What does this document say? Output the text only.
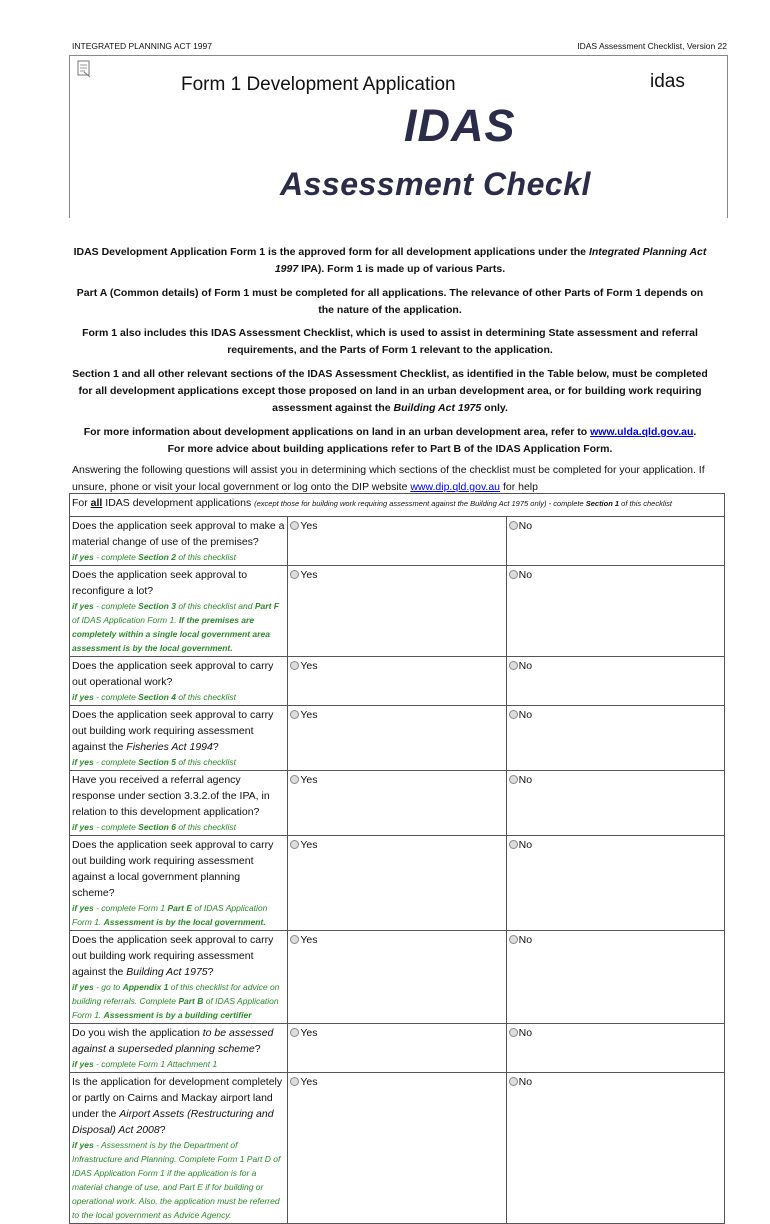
INTEGRATED PLANNING ACT 1997	IDAS Assessment Checklist, Version 22
Form 1 Development Application	idas
IDAS
Assessment Checkl
IDAS Development Application Form 1 is the approved form for all development applications under the Integrated Planning Act 1997 IPA). Form 1 is made up of various Parts.
Part A (Common details) of Form 1 must be completed for all applications. The relevance of other Parts of Form 1 depends on the nature of the application.
Form 1 also includes this IDAS Assessment Checklist, which is used to assist in determining State assessment and referral requirements, and the Parts of Form 1 relevant to the application.
Section 1 and all other relevant sections of the IDAS Assessment Checklist, as identified in the Table below, must be completed for all development applications except those proposed on land in an urban development area, or for building work requiring assessment against the Building Act 1975 only.
For more information about development applications on land in an urban development area, refer to www.ulda.qld.gov.au.
For more advice about building applications refer to Part B of the IDAS Application Form.
Answering the following questions will assist you in determining which sections of the checklist must be completed for your application. If unsure, phone or visit your local government or log onto the DIP website www.dip.qld.gov.au for help
For all IDAS development applications (except those for building work requiring assessment against the Building Act 1975 only) - complete Section 1 of this checklist		
Does the application seek approval to make a material change of use of the premises?
if yes - complete Section 2 of this checklist	Yes	No
Does the application seek approval to reconfigure a lot?
if yes - complete Section 3 of this checklist and Part F of IDAS Application Form 1. If the premises are completely within a single local government area assessment is by the local government.	Yes	No
Does the application seek approval to carry out operational work?
if yes - complete Section 4 of this checklist	Yes	No
Does the application seek approval to carry out building work requiring assessment against the Fisheries Act 1994?
if yes - complete Section 5 of this checklist	Yes	No
Have you received a referral agency response under section 3.3.2.of the IPA, in relation to this development application?
if yes - complete Section 6 of this checklist	Yes	No
Does the application seek approval to carry out building work requiring assessment against a local government planning scheme?
if yes - complete Form 1 Part E of IDAS Application Form 1. Assessment is by the local government.	Yes	No
Does the application seek approval to carry out building work requiring assessment against the Building Act 1975?
if yes - go to Appendix 1 of this checklist for advice on building referrals. Complete Part B of IDAS Application Form 1. Assessment is by a building certifier	Yes	No
Do you wish the application to be assessed against a superseded planning scheme?
if yes - complete Form 1 Attachment 1	Yes	No
Is the application for development completely or partly on Cairns and Mackay airport land under the Airport Assets (Restructuring and Disposal) Act 2008?
if yes - Assessment is by the Department of Infrastructure and Planning. Complete Form 1 Part D of IDAS Application Form 1 if the application is for a material change of use, and Part E if for building or operational work. Also, the application must be referred to the local government as Advice Agency.	Yes	No
